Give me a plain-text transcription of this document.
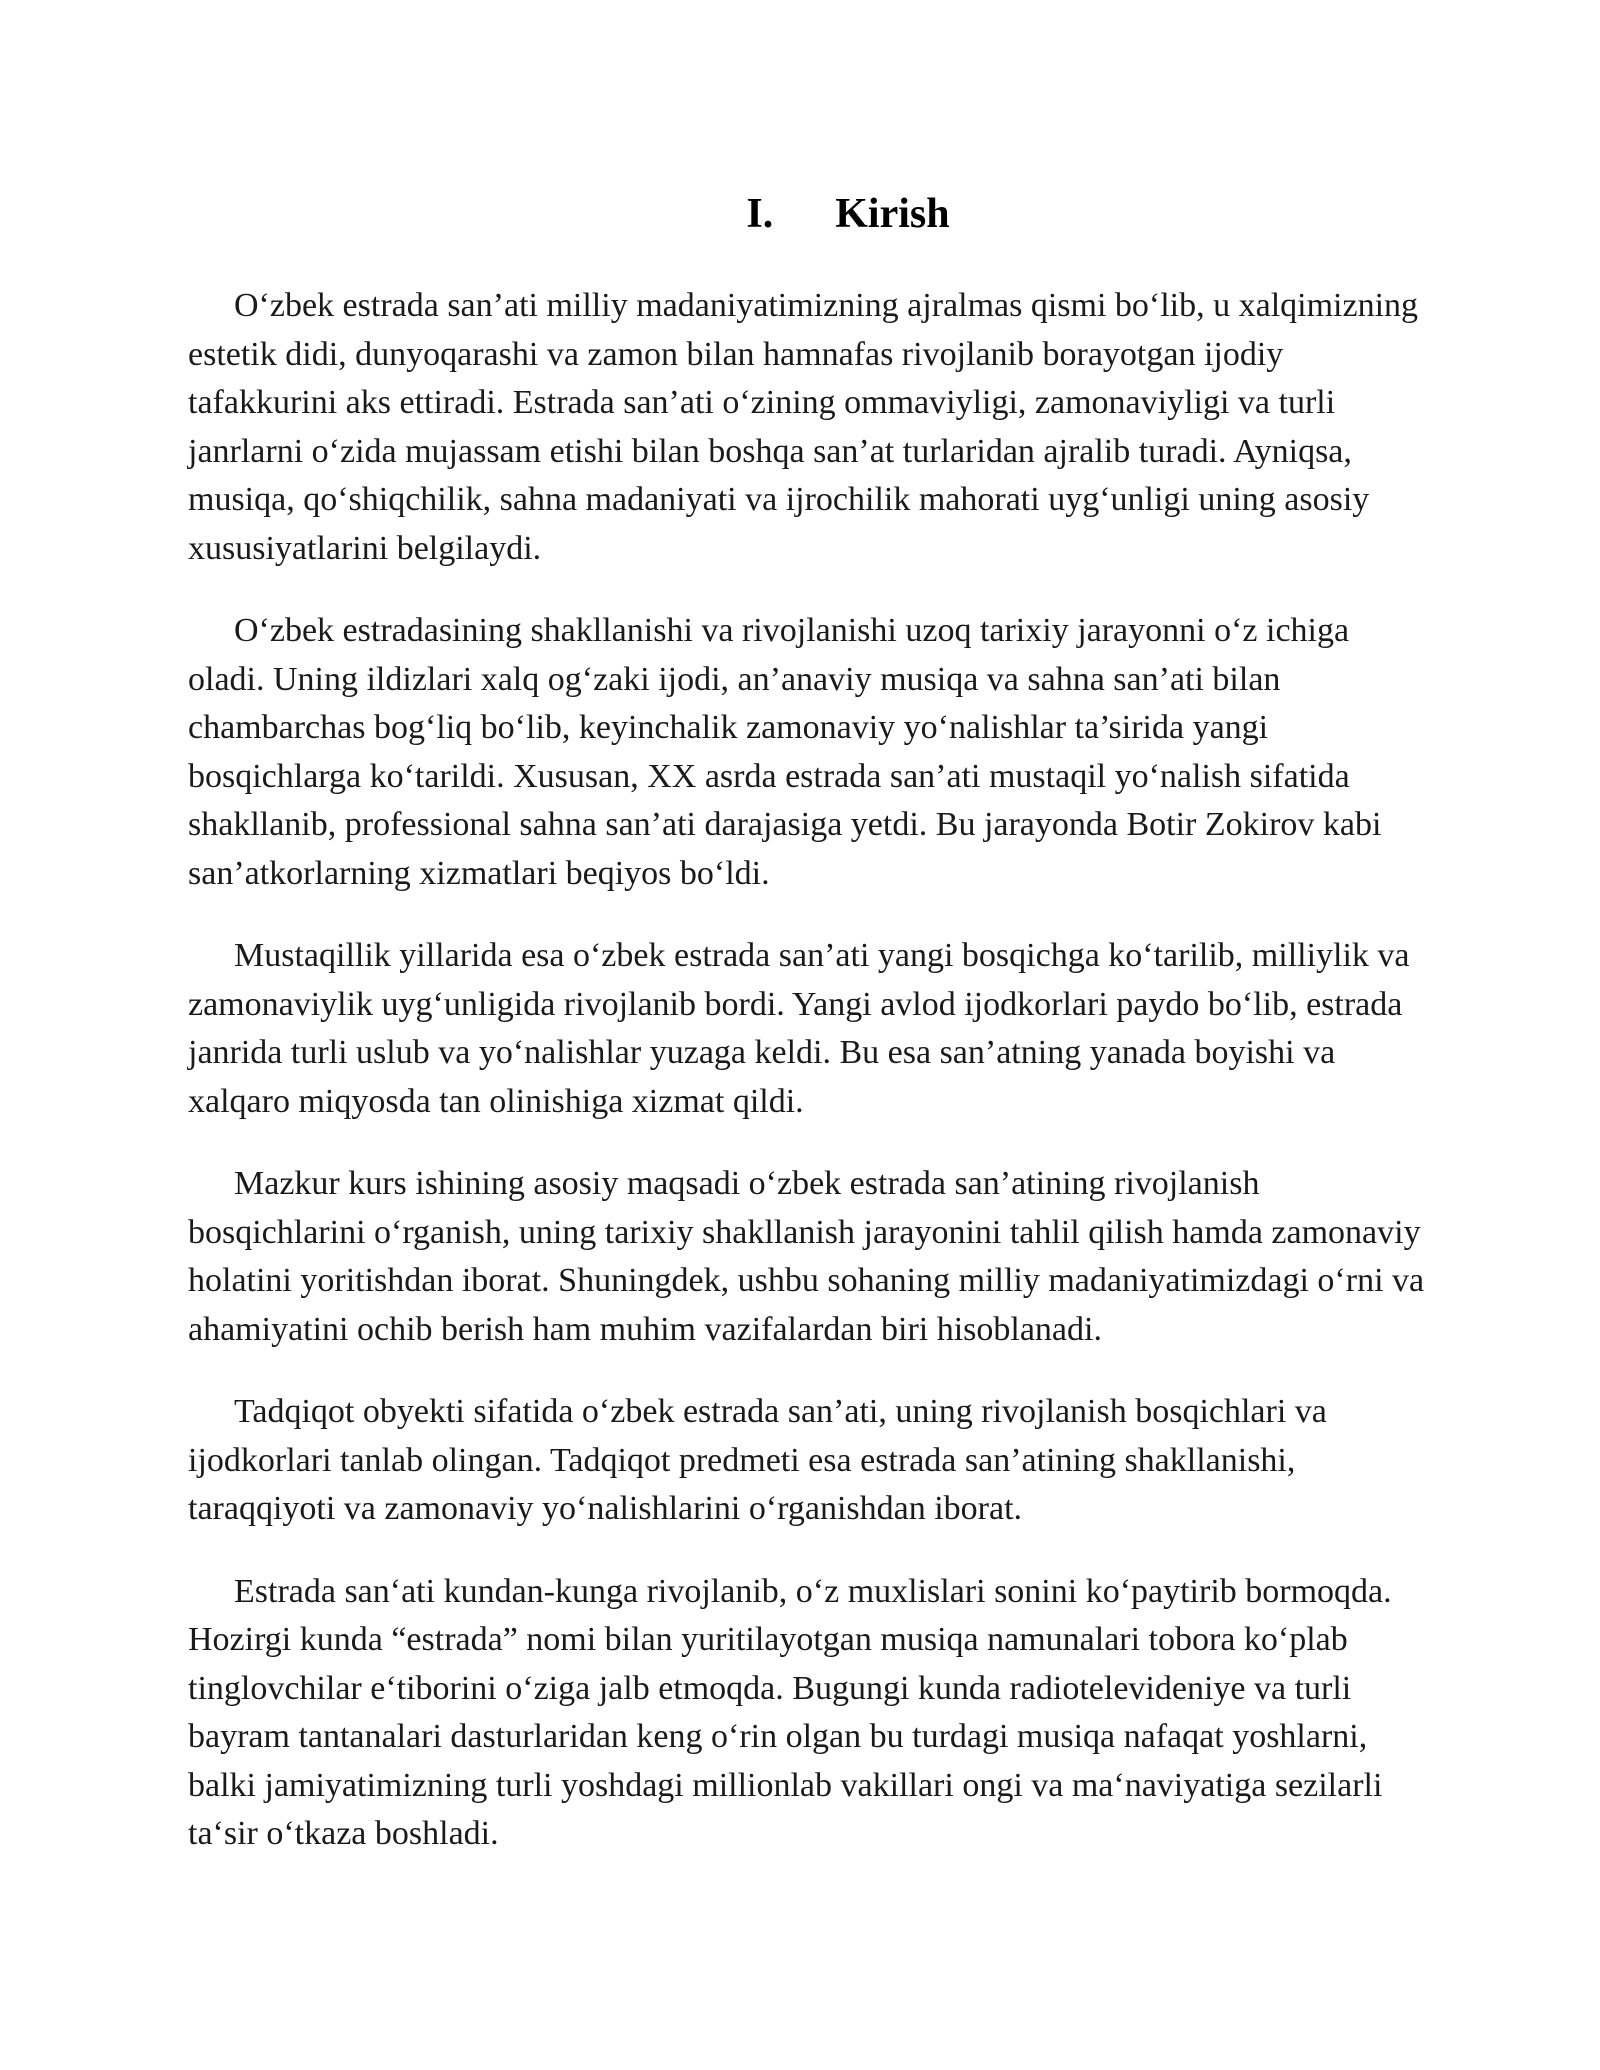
I. Kirish

O‘zbek estrada san’ati milliy madaniyatimizning ajralmas qismi bo‘lib, u xalqimizning
estetik didi, dunyoqarashi va zamon bilan hamnafas rivojlanib borayotgan ijodiy
tafakkurini aks ettiradi. Estrada san’ati o‘zining ommaviyligi, zamonaviyligi va turli
janrlarni o‘zida mujassam etishi bilan boshqa san’at turlaridan ajralib turadi. Ayniqsa,
musiqa, qo‘shiqchilik, sahna madaniyati va ijrochilik mahorati uyg‘unligi uning asosiy
xususiyatlarini belgilaydi.

O‘zbek estradasining shakllanishi va rivojlanishi uzoq tarixiy jarayonni o‘z ichiga
oladi. Uning ildizlari xalq og‘zaki ijodi, an’anaviy musiqa va sahna san’ati bilan
chambarchas bog‘liq bo‘lib, keyinchalik zamonaviy yo‘nalishlar ta’sirida yangi
bosqichlarga ko‘tarildi. Xususan, XX asrda estrada san’ati mustaqil yo‘nalish sifatida
shakllanib, professional sahna san’ati darajasiga yetdi. Bu jarayonda Botir Zokirov kabi
san’atkorlarning xizmatlari beqiyos bo‘ldi.

Mustaqillik yillarida esa o‘zbek estrada san’ati yangi bosqichga ko‘tarilib, milliylik va
zamonaviylik uyg‘unligida rivojlanib bordi. Yangi avlod ijodkorlari paydo bo‘lib, estrada
janrida turli uslub va yo‘nalishlar yuzaga keldi. Bu esa san’atning yanada boyishi va
xalqaro miqyosda tan olinishiga xizmat qildi.

Mazkur kurs ishining asosiy maqsadi o‘zbek estrada san’atining rivojlanish
bosqichlarini o‘rganish, uning tarixiy shakllanish jarayonini tahlil qilish hamda zamonaviy
holatini yoritishdan iborat. Shuningdek, ushbu sohaning milliy madaniyatimizdagi o‘rni va
ahamiyatini ochib berish ham muhim vazifalardan biri hisoblanadi.

Tadqiqot obyekti sifatida o‘zbek estrada san’ati, uning rivojlanish bosqichlari va
ijodkorlari tanlab olingan. Tadqiqot predmeti esa estrada san’atining shakllanishi,
taraqqiyoti va zamonaviy yo‘nalishlarini o‘rganishdan iborat.

Estrada san‘ati kundan-kunga rivojlanib, o‘z muxlislari sonini ko‘paytirib bormoqda.
Hozirgi kunda “estrada” nomi bilan yuritilayotgan musiqa namunalari tobora ko‘plab
tinglovchilar e‘tiborini o‘ziga jalb etmoqda. Bugungi kunda radiotelevideniye va turli
bayram tantanalari dasturlaridan keng o‘rin olgan bu turdagi musiqa nafaqat yoshlarni,
balki jamiyatimizning turli yoshdagi millionlab vakillari ongi va ma‘naviyatiga sezilarli
ta‘sir o‘tkaza boshladi.
